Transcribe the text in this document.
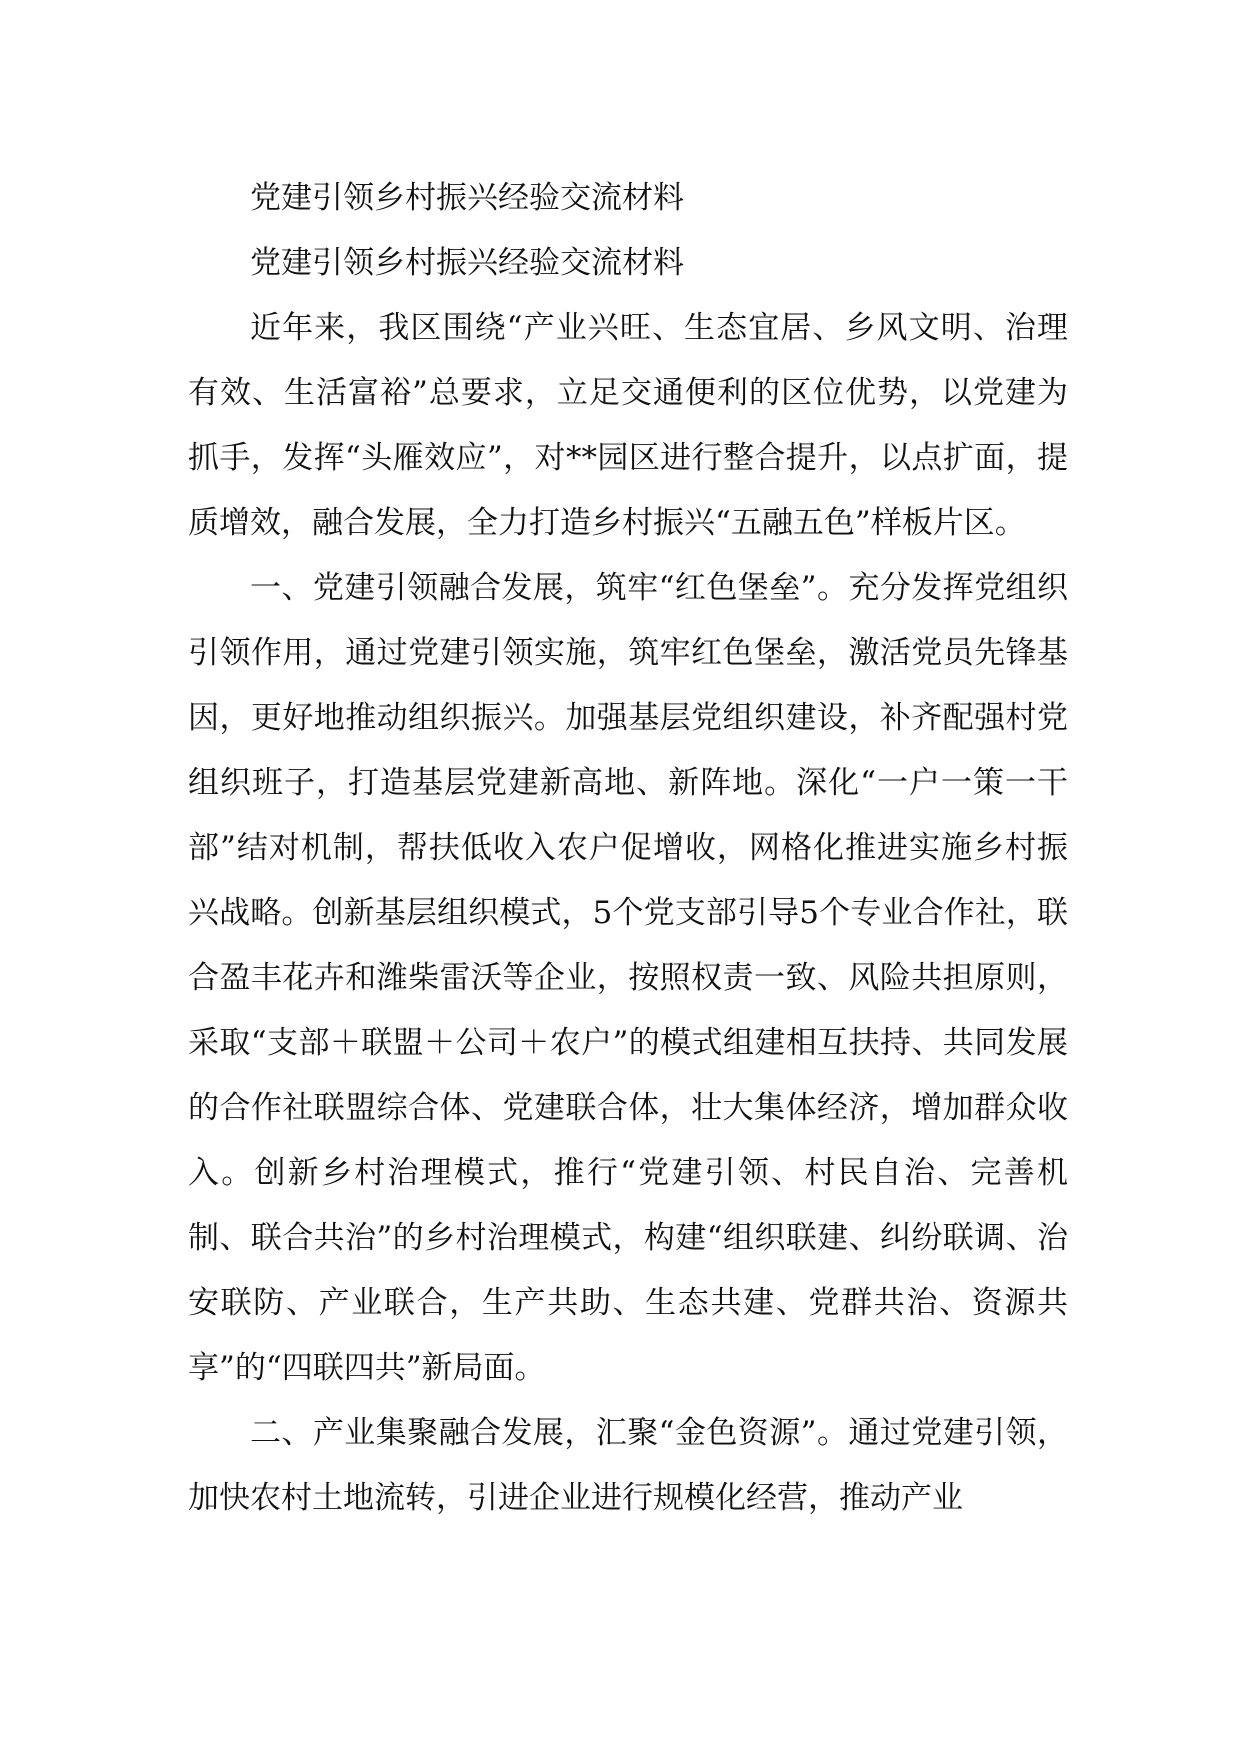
党建引领乡村振兴经验交流材料

党建引领乡村振兴经验交流材料

近年来，我区围绕“产业兴旺、生态宜居、乡风文明、治理有效、生活富裕”总要求，立足交通便利的区位优势，以党建为抓手，发挥“头雁效应”，对**园区进行整合提升，以点扩面，提质增效，融合发展，全力打造乡村振兴“五融五色”样板片区。

一、党建引领融合发展，筑牢“红色堡垒”。充分发挥党组织引领作用，通过党建引领实施，筑牢红色堡垒，激活党员先锋基因，更好地推动组织振兴。加强基层党组织建设，补齐配强村党组织班子，打造基层党建新高地、新阵地。深化“一户一策一干部”结对机制，帮扶低收入农户促增收，网格化推进实施乡村振兴战略。创新基层组织模式，5个党支部引导5个专业合作社，联合盈丰花卉和潍柴雷沃等企业，按照权责一致、风险共担原则，采取“支部＋联盟＋公司＋农户”的模式组建相互扶持、共同发展的合作社联盟综合体、党建联合体，壮大集体经济，增加群众收入。创新乡村治理模式，推行“党建引领、村民自治、完善机制、联合共治”的乡村治理模式，构建“组织联建、纠纷联调、治安联防、产业联合，生产共助、生态共建、党群共治、资源共享”的“四联四共”新局面。

二、产业集聚融合发展，汇聚“金色资源”。通过党建引领，加快农村土地流转，引进企业进行规模化经营，推动产业
